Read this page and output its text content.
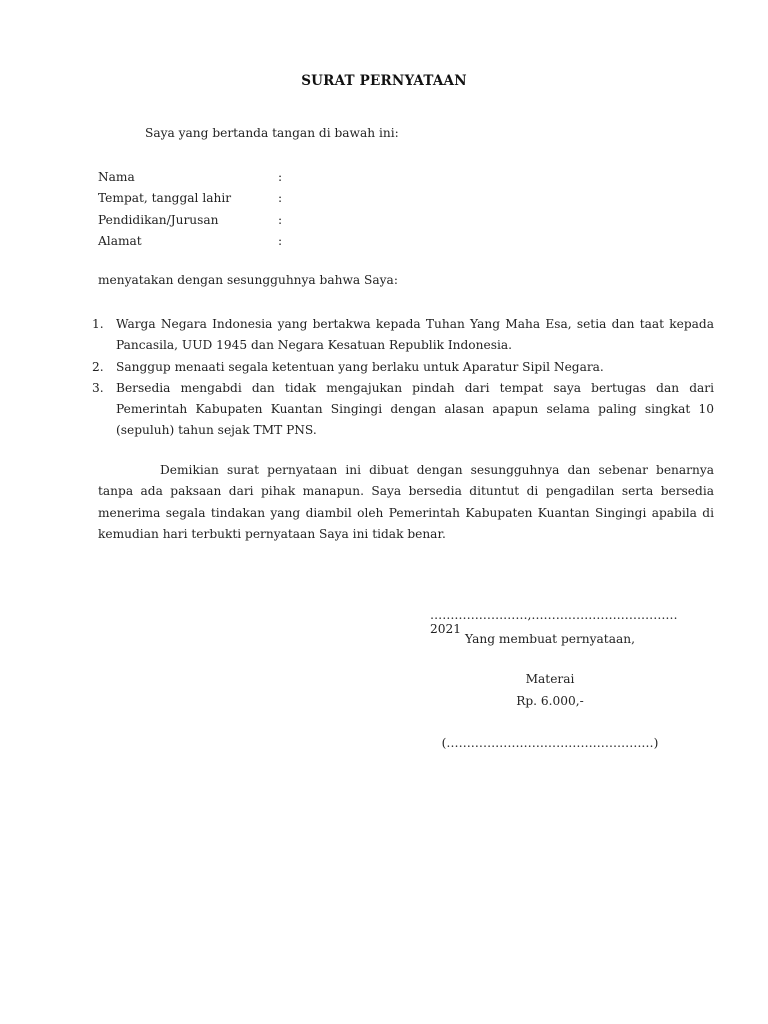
SURAT PERNYATAAN
Saya yang bertanda tangan di bawah ini:
Nama	:
Tempat, tanggal lahir	:
Pendidikan/Jurusan	:
Alamat	:
menyatakan dengan sesungguhnya bahwa Saya:
1. Warga Negara Indonesia yang bertakwa kepada Tuhan Yang Maha Esa, setia dan taat kepada Pancasila, UUD 1945 dan Negara Kesatuan Republik Indonesia.
2. Sanggup menaati segala ketentuan yang berlaku untuk Aparatur Sipil Negara.
3. Bersedia mengabdi dan tidak mengajukan pindah dari tempat saya bertugas dan dari Pemerintah Kabupaten Kuantan Singingi dengan alasan apapun selama paling singkat 10 (sepuluh) tahun sejak TMT PNS.
Demikian surat pernyataan ini dibuat dengan sesungguhnya dan sebenar benarnya tanpa ada paksaan dari pihak manapun. Saya bersedia dituntut di pengadilan serta bersedia menerima segala tindakan yang diambil oleh Pemerintah Kabupaten Kuantan Singingi apabila di kemudian hari terbukti pernyataan Saya ini tidak benar.
……………………,……………………………… 2021
Yang membuat pernyataan,
Materai
Rp. 6.000,-
(……………………………………………)
